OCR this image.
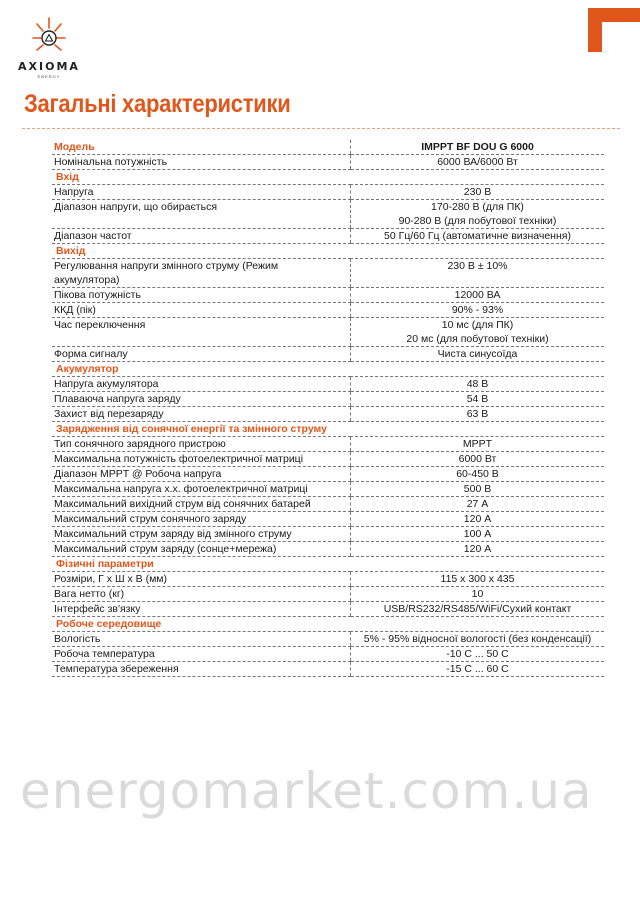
AXIOMA
ENERGY
Загальні характеристики
Модель	IMPPT BF DOU G 6000
Номінальна потужність	6000 ВА/6000 Вт

Вхід	
Напруга	230 В

Діапазон напруги, що обирається	170-280 В (для ПК)
90-280 В (для побутової техніки)

Діапазон частот	50 Гц/60 Гц (автоматичне визначення)

Вихід	
Регулювання напруги змінного струму (Режим акумулятора)	230 В ± 10%

Пікова потужність	12000 ВА

ККД (пік)	90% - 93%

Час переключення	10 мс (для ПК)
20 мс (для побутової техніки)

Форма сигналу	Чиста синусоїда

Акумулятор	
Напруга акумулятора	48 В

Плаваюча напруга заряду	54 В

Захист від перезаряду	63 В

Зарядження від сонячної енергії та змінного струму	
Тип сонячного зарядного пристрою	MPPT

Максимальна потужність фотоелектричної матриці	6000 Вт

Діапазон MPPT @ Робоча напруга	60-450 В

Максимальна напруга х.х. фотоелектричної матриці	500 В

Максимальний вихідний струм від сонячних батарей	27 А

Максимальний струм сонячного заряду	120 А

Максимальний струм заряду від змінного струму	100 А

Максимальний струм заряду (сонце+мережа)	120 А

Фізичні параметри	
Розміри, Г x Ш x В (мм)	115 x 300 x 435

Вага нетто (кг)	10

Інтерфейс зв'язку	USB/RS232/RS485/WiFi/Сухий контакт

Робоче середовище	
Вологість	5% - 95% відносної вологості (без конденсації)

Робоча температура	-10 С ... 50 С

Температура збереження	-15 С ... 60 С
energomarket.com.ua
